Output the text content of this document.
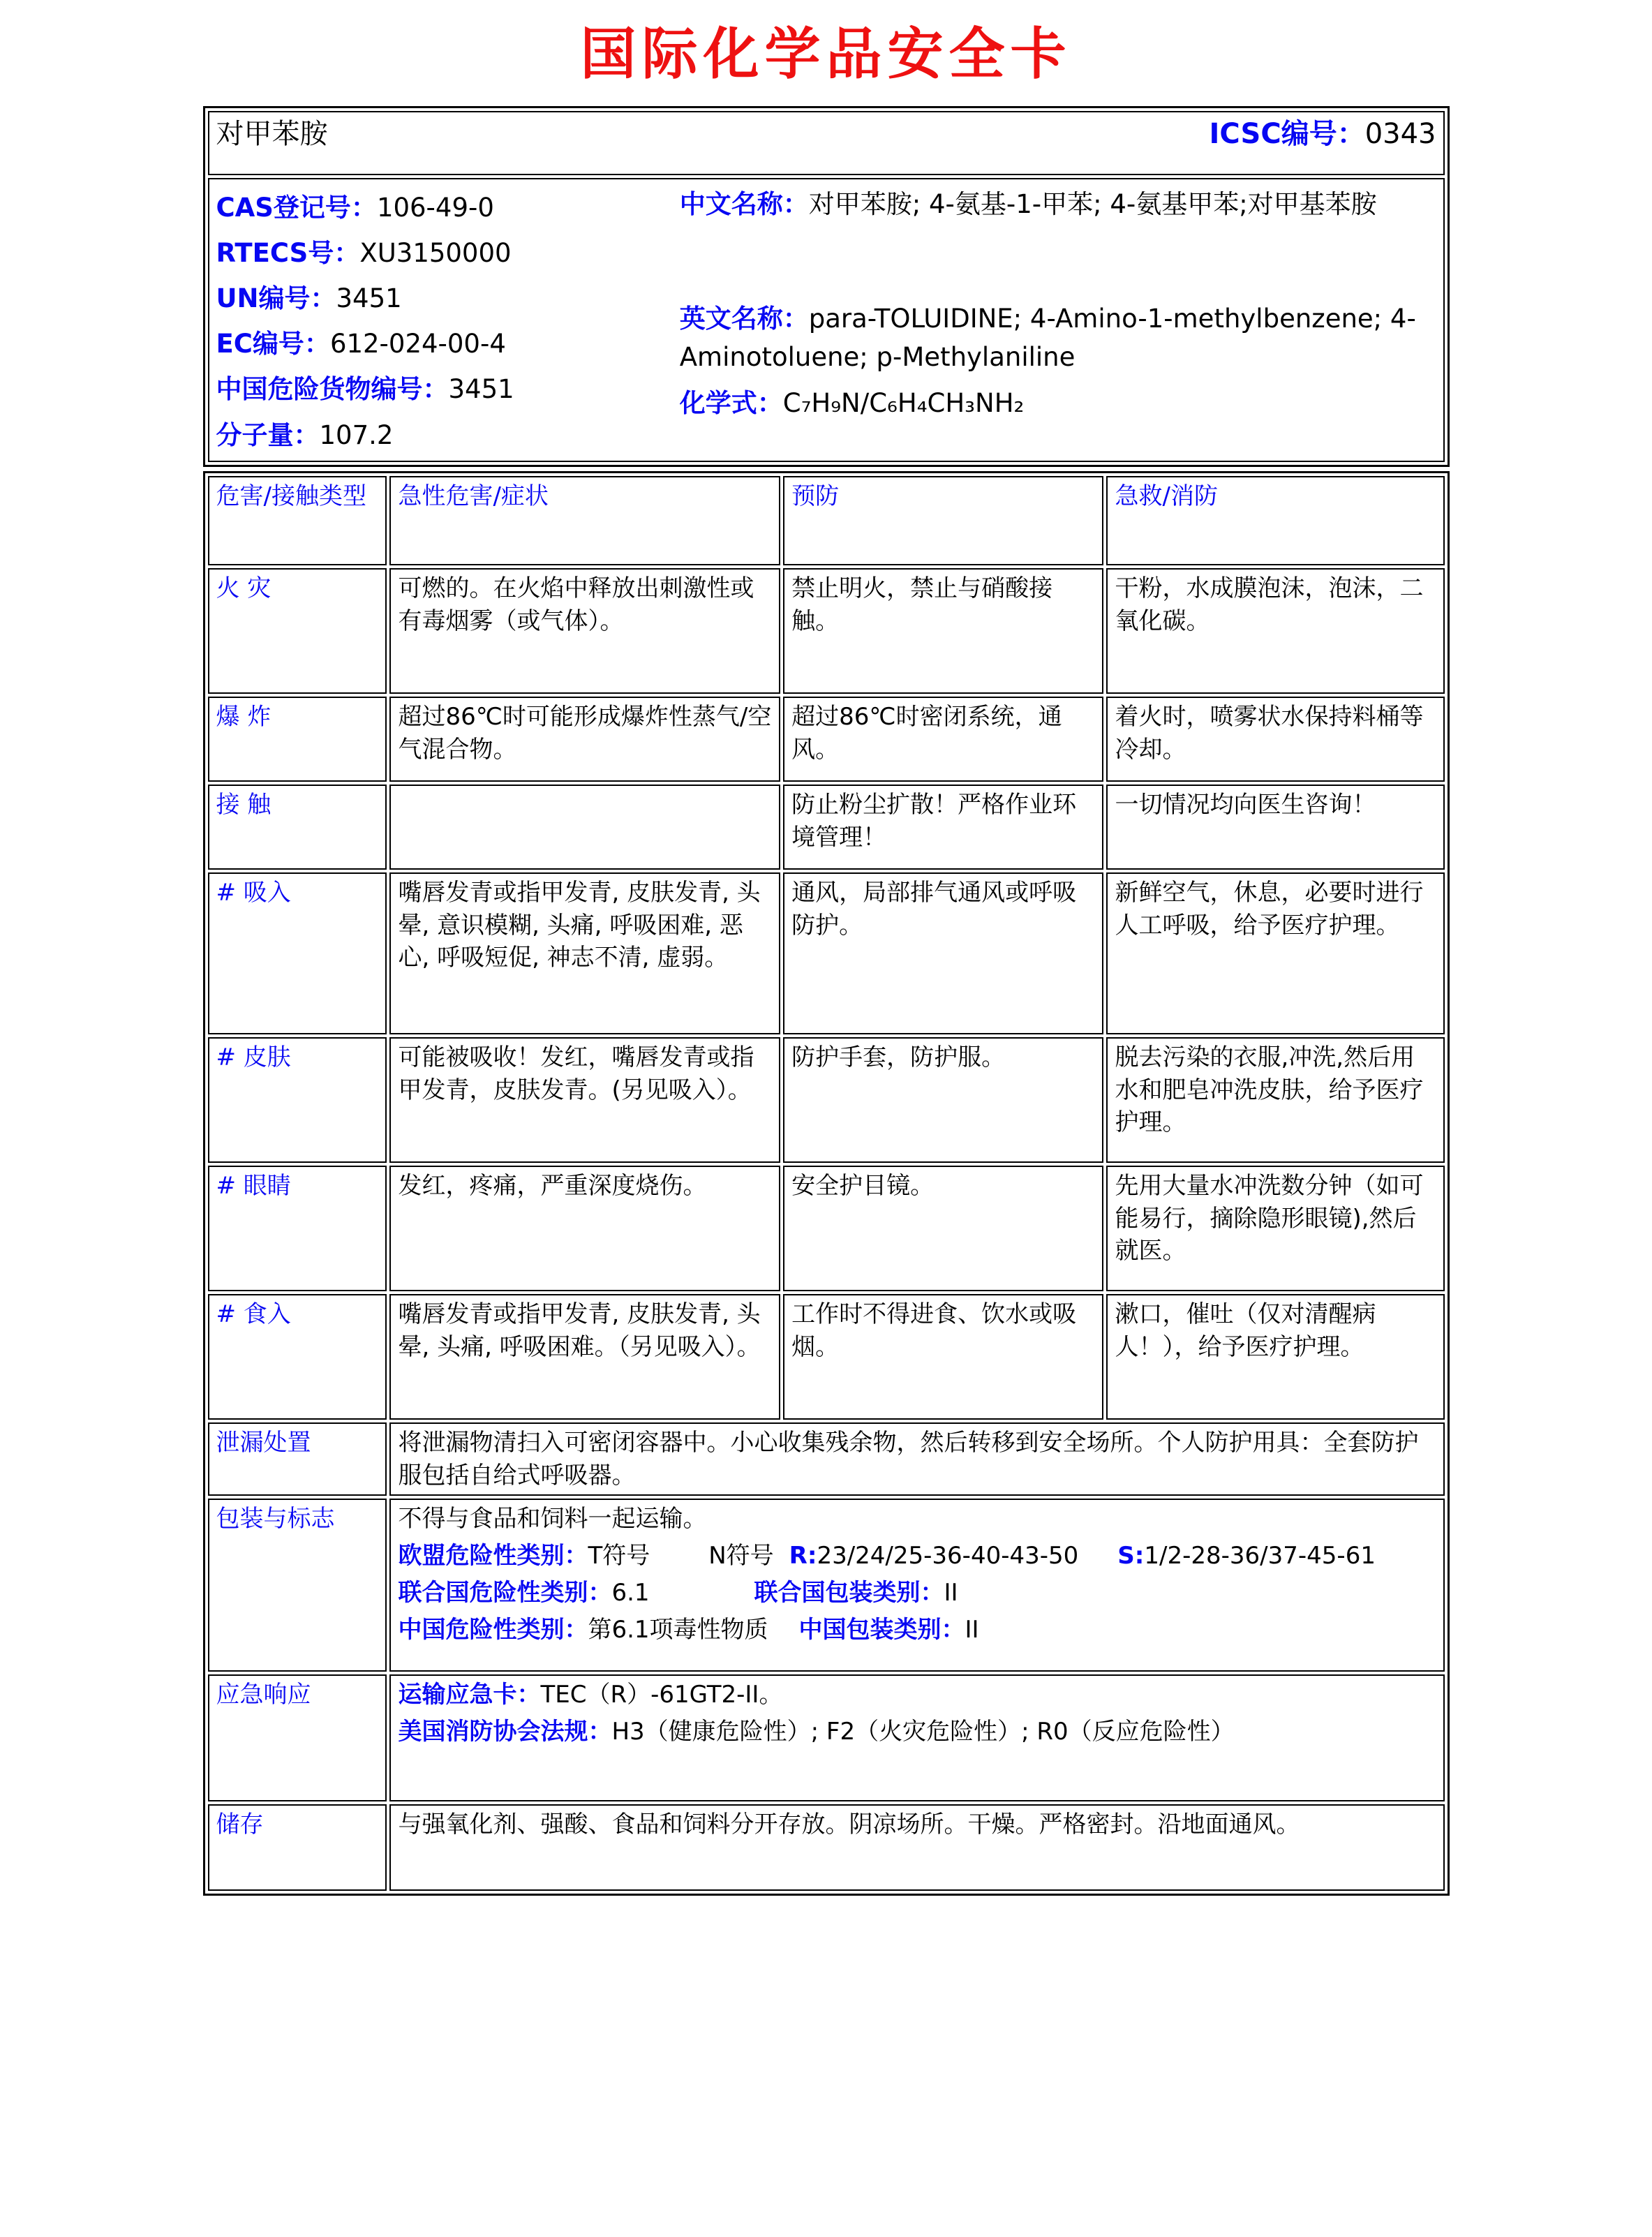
国际化学品安全卡
对甲苯胺	ICSC编号：0343

CAS登记号：106-49-0
RTECS号：XU3150000
UN编号：3451
EC编号：612-024-00-4
中国危险货物编号：3451
分子量：107.2
中文名称：对甲苯胺; 4-氨基-1-甲苯; 4-氨基甲苯;对甲基苯胺
英文名称：para-TOLUIDINE; 4-Amino-1-methylbenzene; 4-Aminotoluene; p-Methylaniline
化学式：C₇H₉N/C₆H₄CH₃NH₂
危害/接触类型	急性危害/症状	预防	急救/消防
火 灾	可燃的。在火焰中释放出刺激性或有毒烟雾（或气体）。	禁止明火，禁止与硝酸接触。	干粉，水成膜泡沫，泡沫，二氧化碳。
爆 炸	超过86℃时可能形成爆炸性蒸气/空气混合物。	超过86℃时密闭系统，通风。	着火时，喷雾状水保持料桶等冷却。
接 触		防止粉尘扩散！严格作业环境管理！	一切情况均向医生咨询！
# 吸入	嘴唇发青或指甲发青, 皮肤发青, 头晕, 意识模糊, 头痛, 呼吸困难, 恶心, 呼吸短促, 神志不清, 虚弱。	通风，局部排气通风或呼吸防护。	新鲜空气，休息，必要时进行人工呼吸，给予医疗护理。
# 皮肤	可能被吸收！发红，嘴唇发青或指甲发青，皮肤发青。(另见吸入）。	防护手套，防护服。	脱去污染的衣服,冲洗,然后用水和肥皂冲洗皮肤，给予医疗护理。
# 眼睛	发红，疼痛，严重深度烧伤。	安全护目镜。	先用大量水冲洗数分钟（如可能易行，摘除隐形眼镜),然后就医。
# 食入	嘴唇发青或指甲发青, 皮肤发青, 头晕, 头痛, 呼吸困难。（另见吸入）。	工作时不得进食、饮水或吸烟。	漱口，催吐（仅对清醒病人！），给予医疗护理。
泄漏处置	将泄漏物清扫入可密闭容器中。小心收集残余物，然后转移到安全场所。个人防护用具：全套防护服包括自给式呼吸器。		
包装与标志	不得与食品和饲料一起运输。
欧盟危险性类别：T符号 N符号 R:23/24/25-36-40-43-50 S:1/2-28-36/37-45-61
联合国危险性类别：6.1 联合国包装类别：II
中国危险性类别：第6.1项毒性物质 中国包装类别：II		

应急响应	运输应急卡：TEC（R）-61GT2-II。
美国消防协会法规：H3（健康危险性）; F2（火灾危险性）; R0（反应危险性）		

储存	与强氧化剂、强酸、食品和饲料分开存放。阴凉场所。干燥。严格密封。沿地面通风。		
